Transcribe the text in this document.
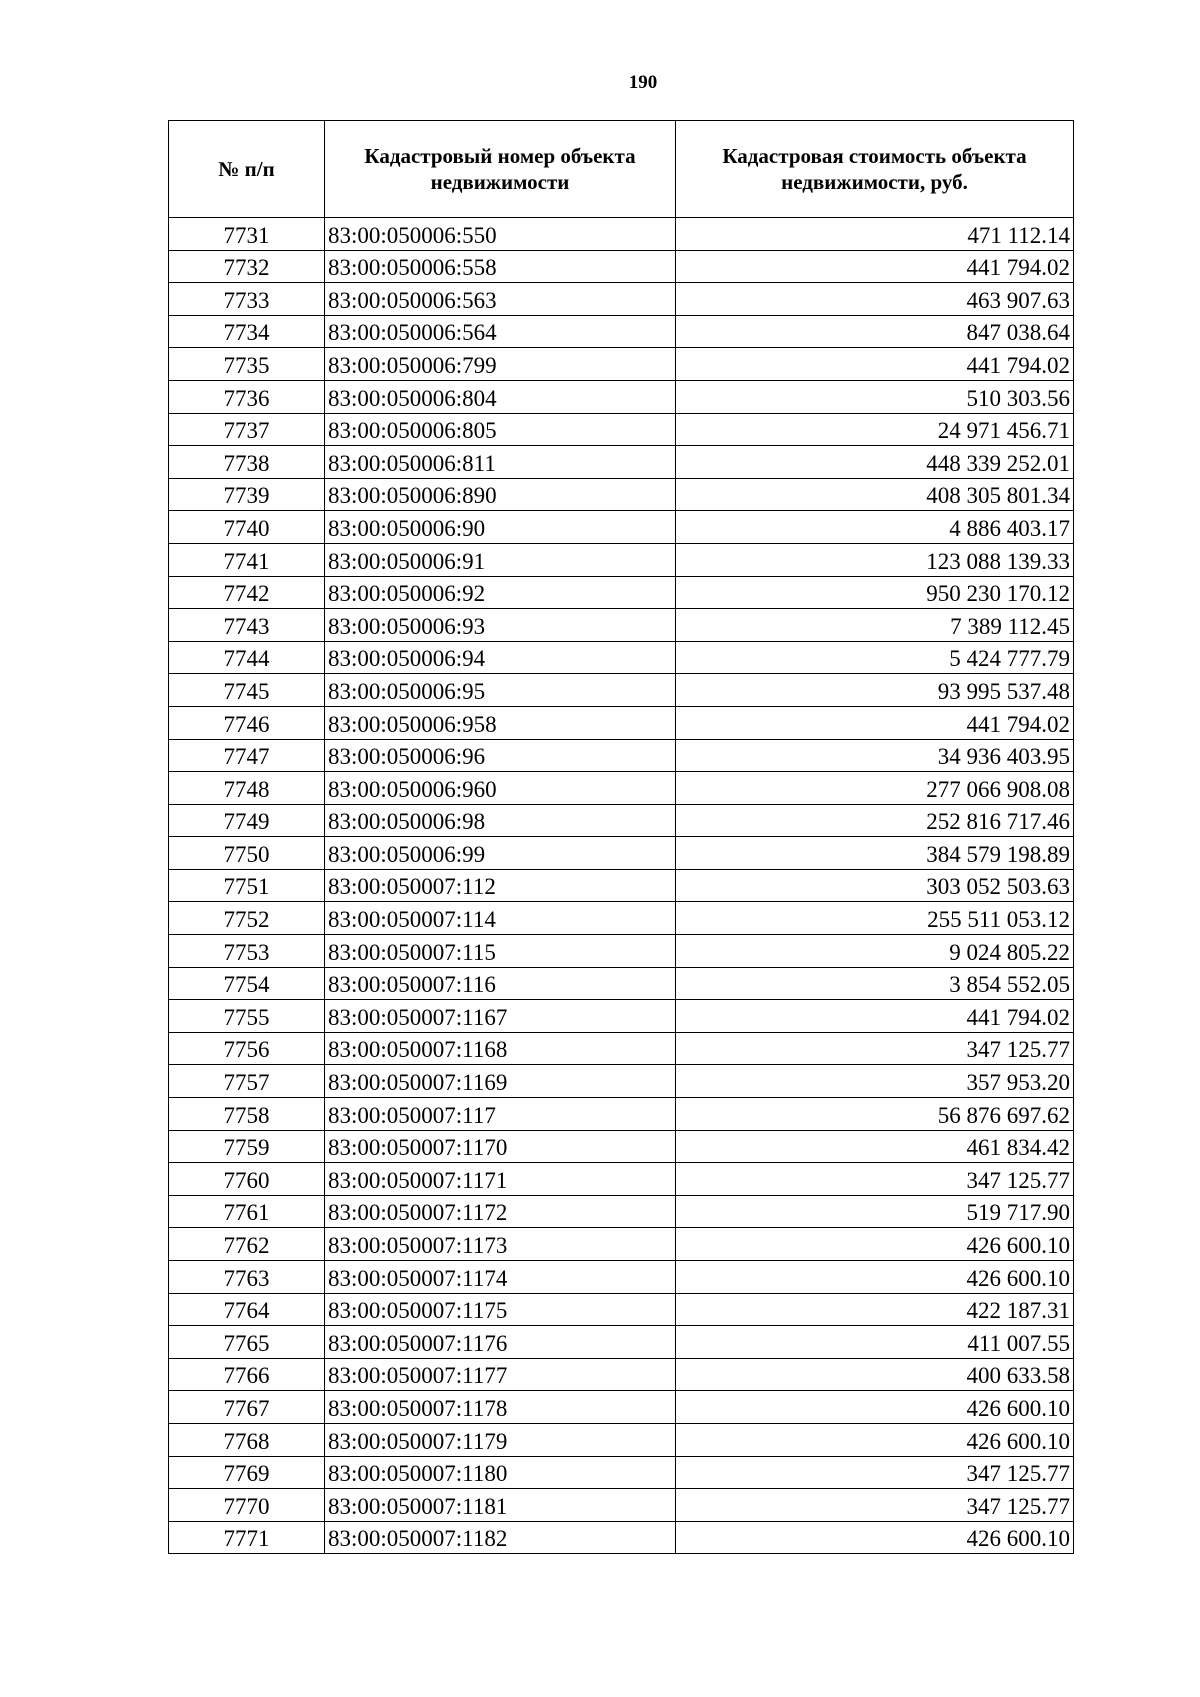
190
№ п/п	Кадастровый номер объекта недвижимости	Кадастровая стоимость объекта недвижимости, руб.
7731	83:00:050006:550	471 112.14
7732	83:00:050006:558	441 794.02
7733	83:00:050006:563	463 907.63
7734	83:00:050006:564	847 038.64
7735	83:00:050006:799	441 794.02
7736	83:00:050006:804	510 303.56
7737	83:00:050006:805	24 971 456.71
7738	83:00:050006:811	448 339 252.01
7739	83:00:050006:890	408 305 801.34
7740	83:00:050006:90	4 886 403.17
7741	83:00:050006:91	123 088 139.33
7742	83:00:050006:92	950 230 170.12
7743	83:00:050006:93	7 389 112.45
7744	83:00:050006:94	5 424 777.79
7745	83:00:050006:95	93 995 537.48
7746	83:00:050006:958	441 794.02
7747	83:00:050006:96	34 936 403.95
7748	83:00:050006:960	277 066 908.08
7749	83:00:050006:98	252 816 717.46
7750	83:00:050006:99	384 579 198.89
7751	83:00:050007:112	303 052 503.63
7752	83:00:050007:114	255 511 053.12
7753	83:00:050007:115	9 024 805.22
7754	83:00:050007:116	3 854 552.05
7755	83:00:050007:1167	441 794.02
7756	83:00:050007:1168	347 125.77
7757	83:00:050007:1169	357 953.20
7758	83:00:050007:117	56 876 697.62
7759	83:00:050007:1170	461 834.42
7760	83:00:050007:1171	347 125.77
7761	83:00:050007:1172	519 717.90
7762	83:00:050007:1173	426 600.10
7763	83:00:050007:1174	426 600.10
7764	83:00:050007:1175	422 187.31
7765	83:00:050007:1176	411 007.55
7766	83:00:050007:1177	400 633.58
7767	83:00:050007:1178	426 600.10
7768	83:00:050007:1179	426 600.10
7769	83:00:050007:1180	347 125.77
7770	83:00:050007:1181	347 125.77
7771	83:00:050007:1182	426 600.10
